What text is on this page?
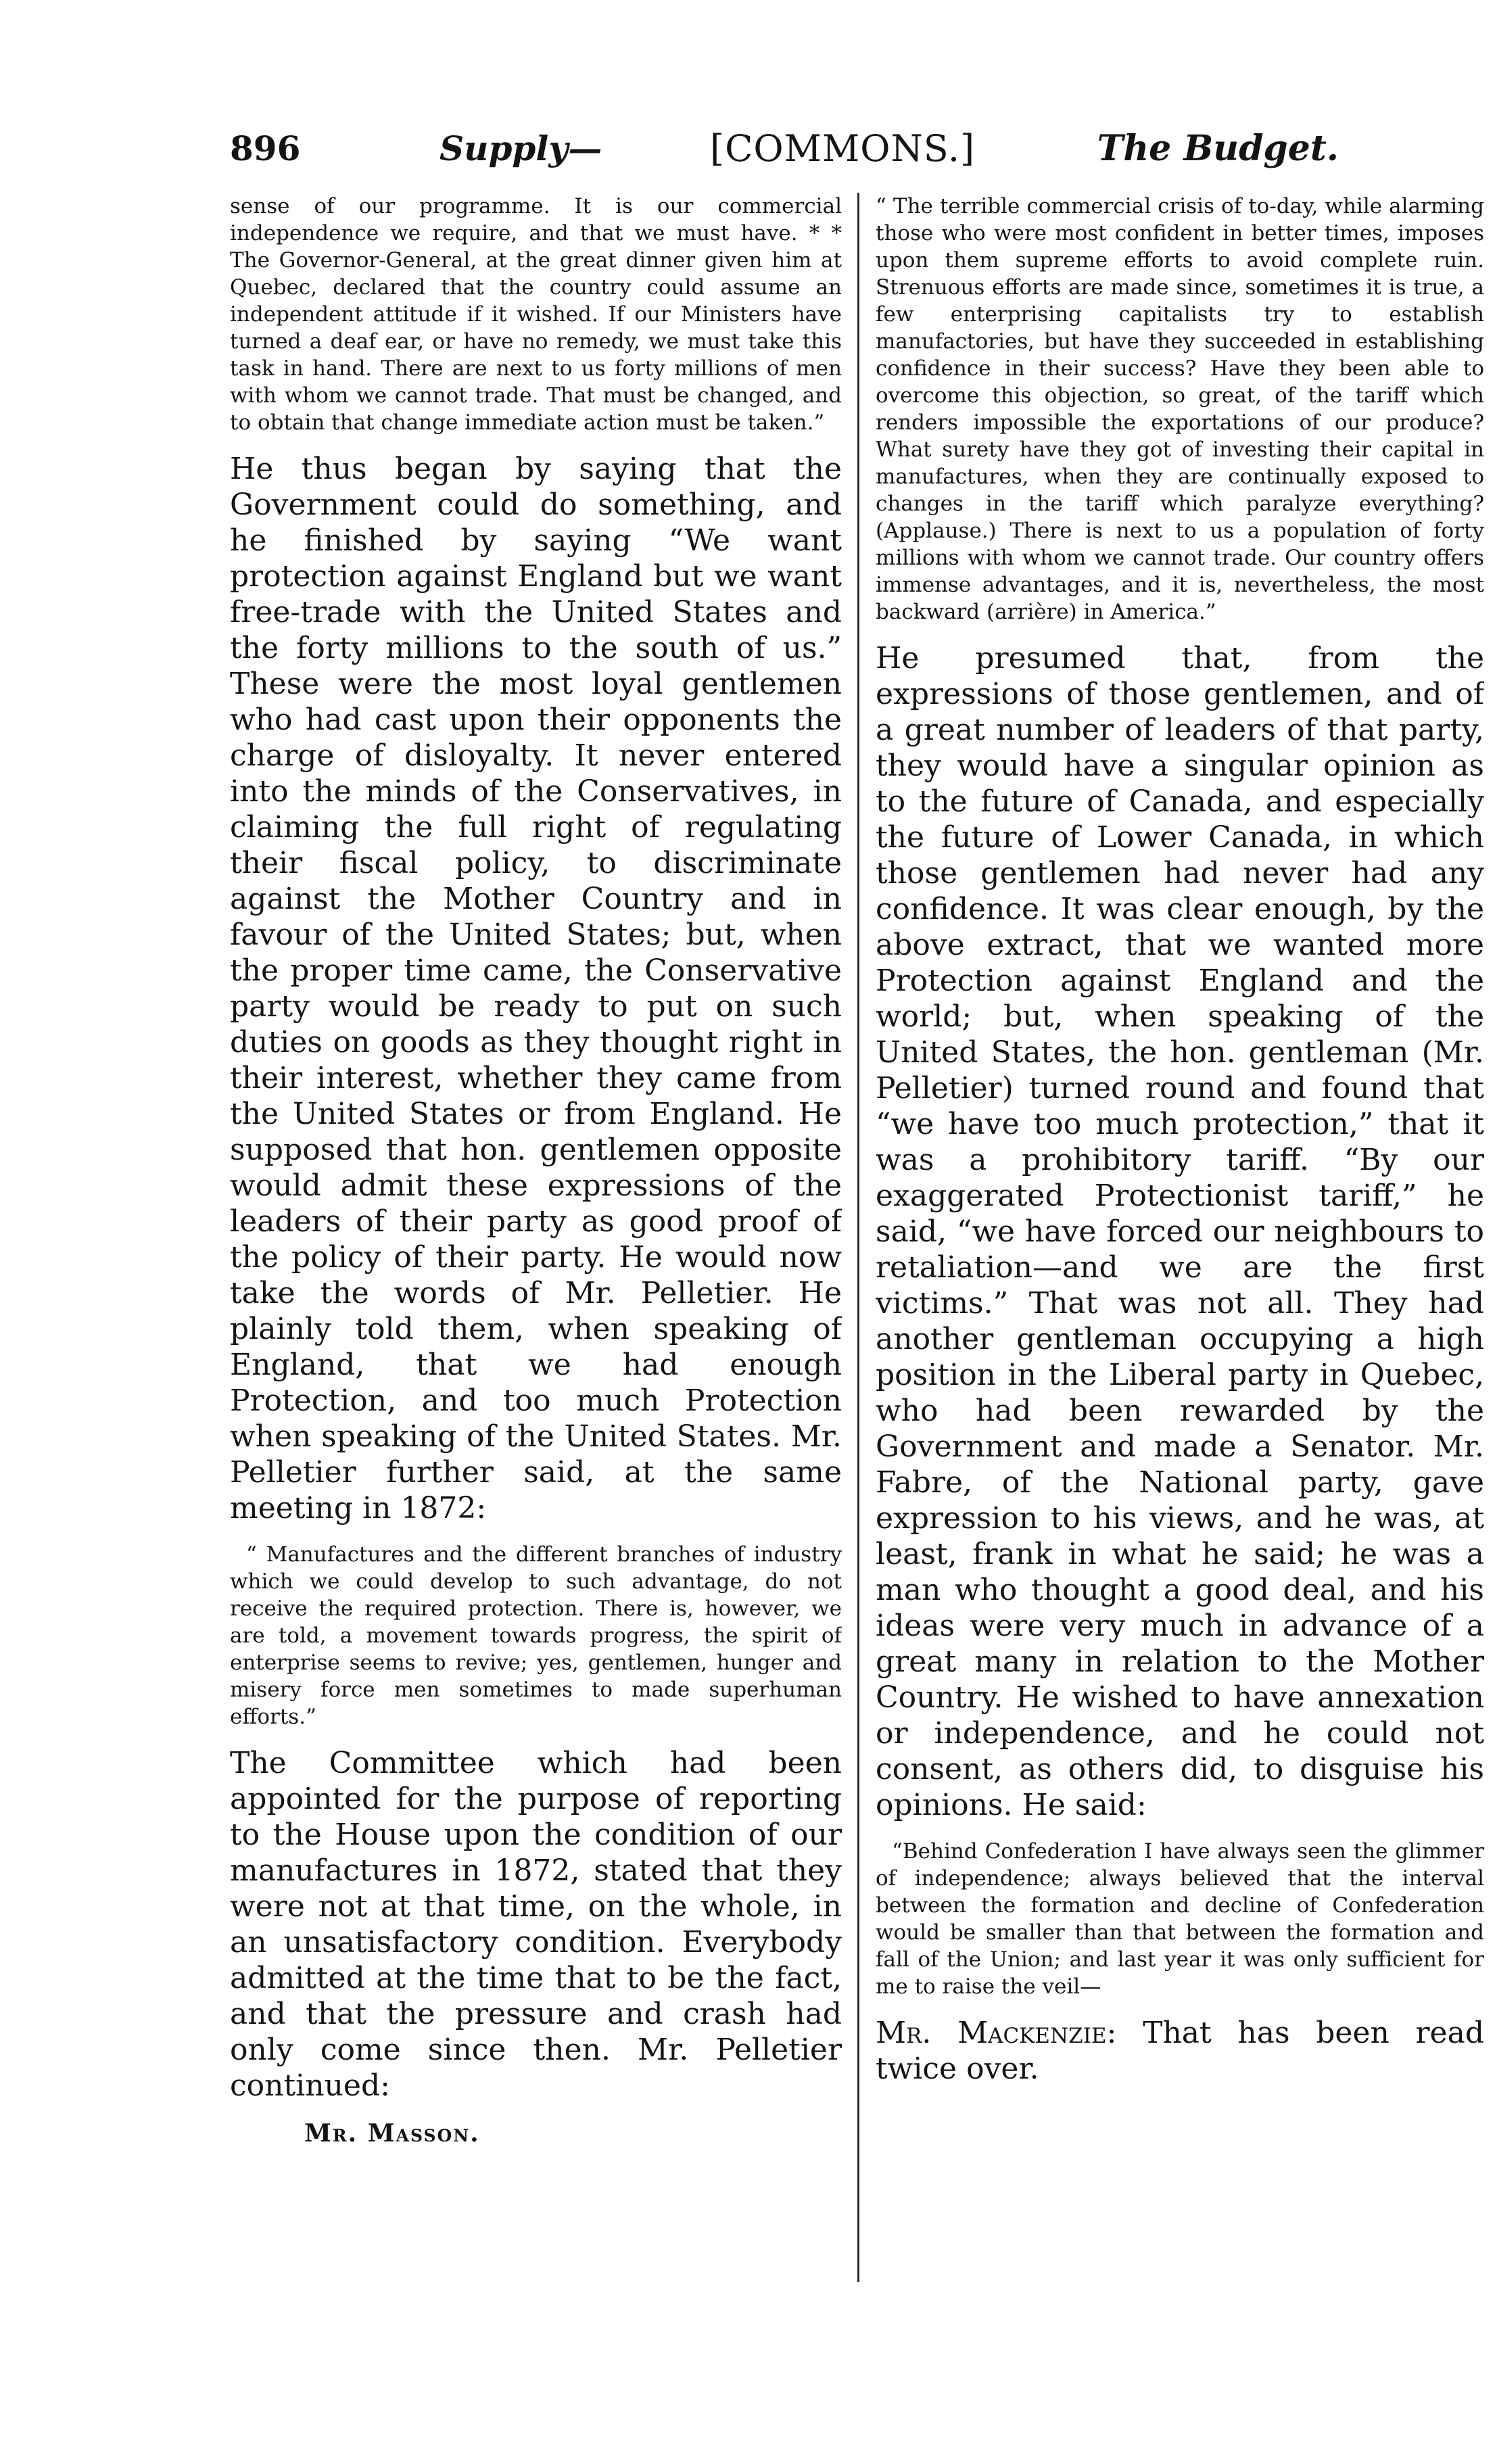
896	Supply—	[COMMONS.]	The Budget.

sense of our programme. It is our commercial independence we require, and that we must have. * * The Governor-General, at the great dinner given him at Quebec, declared that the country could assume an independent attitude if it wished. If our Ministers have turned a deaf ear, or have no remedy, we must take this task in hand. There are next to us forty millions of men with whom we cannot trade. That must be changed, and to obtain that change immediate action must be taken.”

He thus began by saying that the Government could do something, and he finished by saying “We want protection against England but we want free-trade with the United States and the forty millions to the south of us.” These were the most loyal gentlemen who had cast upon their opponents the charge of disloyalty. It never entered into the minds of the Conservatives, in claiming the full right of regulating their fiscal policy, to discriminate against the Mother Country and in favour of the United States; but, when the proper time came, the Conservative party would be ready to put on such duties on goods as they thought right in their interest, whether they came from the United States or from England. He supposed that hon. gentlemen opposite would admit these expressions of the leaders of their party as good proof of the policy of their party. He would now take the words of Mr. Pelletier. He plainly told them, when speaking of England, that we had enough Protection, and too much Protection when speaking of the United States. Mr. Pelletier further said, at the same meeting in 1872:

“ Manufactures and the different branches of industry which we could develop to such advantage, do not receive the required protection. There is, however, we are told, a movement towards progress, the spirit of enterprise seems to revive; yes, gentlemen, hunger and misery force men sometimes to made superhuman efforts.”

The Committee which had been appointed for the purpose of reporting to the House upon the condition of our manufactures in 1872, stated that they were not at that time, on the whole, in an unsatisfactory condition. Everybody admitted at the time that to be the fact, and that the pressure and crash had only come since then. Mr. Pelletier continued:

Mr. Masson.

“ The terrible commercial crisis of to-day, while alarming those who were most confident in better times, imposes upon them supreme efforts to avoid complete ruin. Strenuous efforts are made since, sometimes it is true, a few enterprising capitalists try to establish manufactories, but have they succeeded in establishing confidence in their success? Have they been able to overcome this objection, so great, of the tariff which renders impossible the exportations of our produce? What surety have they got of investing their capital in manufactures, when they are continually exposed to changes in the tariff which paralyze everything? (Applause.) There is next to us a population of forty millions with whom we cannot trade. Our country offers immense advantages, and it is, nevertheless, the most backward (arrière) in America.”

He presumed that, from the expressions of those gentlemen, and of a great number of leaders of that party, they would have a singular opinion as to the future of Canada, and especially the future of Lower Canada, in which those gentlemen had never had any confidence. It was clear enough, by the above extract, that we wanted more Protection against England and the world; but, when speaking of the United States, the hon. gentleman (Mr. Pelletier) turned round and found that “we have too much protection,” that it was a prohibitory tariff. “By our exaggerated Protectionist tariff,” he said, “we have forced our neighbours to retaliation—and we are the first victims.” That was not all. They had another gentleman occupying a high position in the Liberal party in Quebec, who had been rewarded by the Government and made a Senator. Mr. Fabre, of the National party, gave expression to his views, and he was, at least, frank in what he said; he was a man who thought a good deal, and his ideas were very much in advance of a great many in relation to the Mother Country. He wished to have annexation or independence, and he could not consent, as others did, to disguise his opinions. He said:

“Behind Confederation I have always seen the glimmer of independence; always believed that the interval between the formation and decline of Confederation would be smaller than that between the formation and fall of the Union; and last year it was only sufficient for me to raise the veil—

Mr. Mackenzie: That has been read twice over.
